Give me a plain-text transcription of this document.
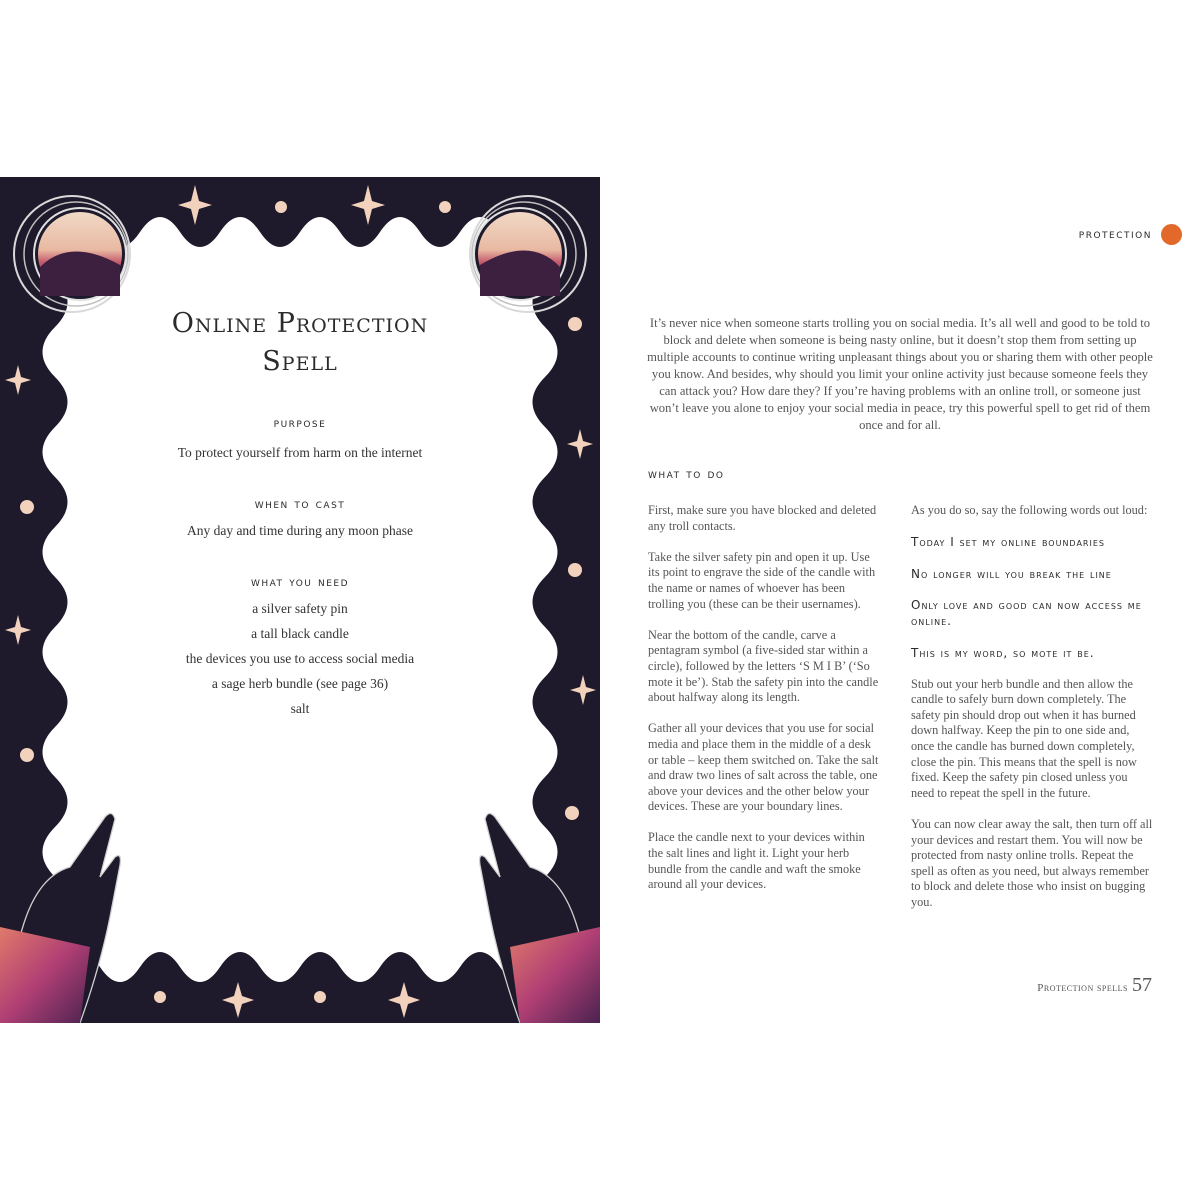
Online Protection
Spell
purpose
To protect yourself from harm on the internet
when to cast
Any day and time during any moon phase
what you need
a silver safety pin
a tall black candle
the devices you use to access social media
a sage herb bundle (see page 36)
salt
protection
It’s never nice when someone starts trolling you on social media. It’s all well and good to be told to block and delete when someone is being nasty online, but it doesn’t stop them from setting up multiple accounts to continue writing unpleasant things about you or sharing them with other people you know. And besides, why should you limit your online activity just because someone feels they can attack you? How dare they? If you’re having problems with an online troll, or someone just won’t leave you alone to enjoy your social media in peace, try this powerful spell to get rid of them once and for all.
what to do

First, make sure you have blocked and deleted any troll contacts.

Take the silver safety pin and open it up. Use its point to engrave the side of the candle with the name or names of whoever has been trolling you (these can be their usernames).

Near the bottom of the candle, carve a pentagram symbol (a five-sided star within a circle), followed by the letters ‘S M I B’ (‘So mote it be’). Stab the safety pin into the candle about halfway along its length.

Gather all your devices that you use for social media and place them in the middle of a desk or table – keep them switched on. Take the salt and draw two lines of salt across the table, one above your devices and the other below your devices. These are your boundary lines.

Place the candle next to your devices within the salt lines and light it. Light your herb bundle from the candle and waft the smoke around all your devices.

As you do so, say the following words out loud:

Today I set my online boundaries

No longer will you break the line

Only love and good can now access me online.

This is my word, so mote it be.

Stub out your herb bundle and then allow the candle to safely burn down completely. The safety pin should drop out when it has burned down halfway. Keep the pin to one side and, once the candle has burned down completely, close the pin. This means that the spell is now fixed. Keep the safety pin closed unless you need to repeat the spell in the future.

You can now clear away the salt, then turn off all your devices and restart them. You will now be protected from nasty online trolls. Repeat the spell as often as you need, but always remember to block and delete those who insist on bugging you.

Protection spells 57
